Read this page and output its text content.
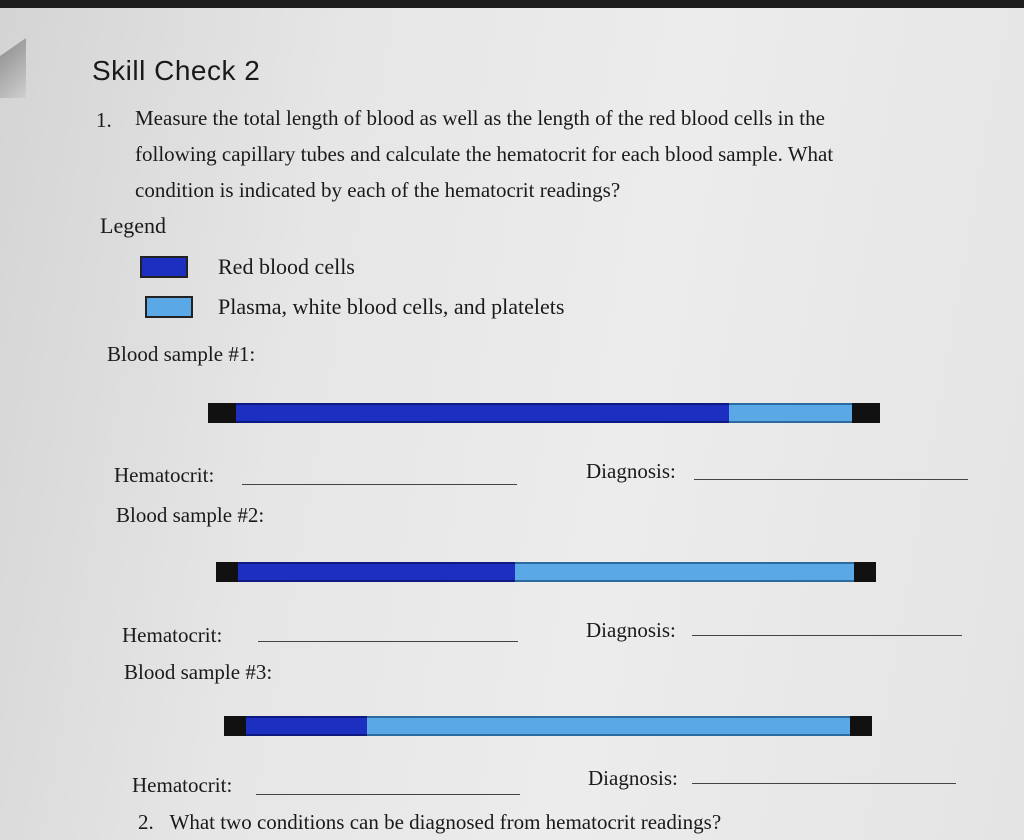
Skill Check 2
1. Measure the total length of blood as well as the length of the red blood cells in the
following capillary tubes and calculate the hematocrit for each blood sample. What
condition is indicated by each of the hematocrit readings?
Legend
Red blood cells
Plasma, white blood cells, and platelets
Blood sample #1:
Hematocrit:	Diagnosis:
Blood sample #2:
Hematocrit:	Diagnosis:
Blood sample #3:
Hematocrit:	Diagnosis:
2. What two conditions can be diagnosed from hematocrit readings?
